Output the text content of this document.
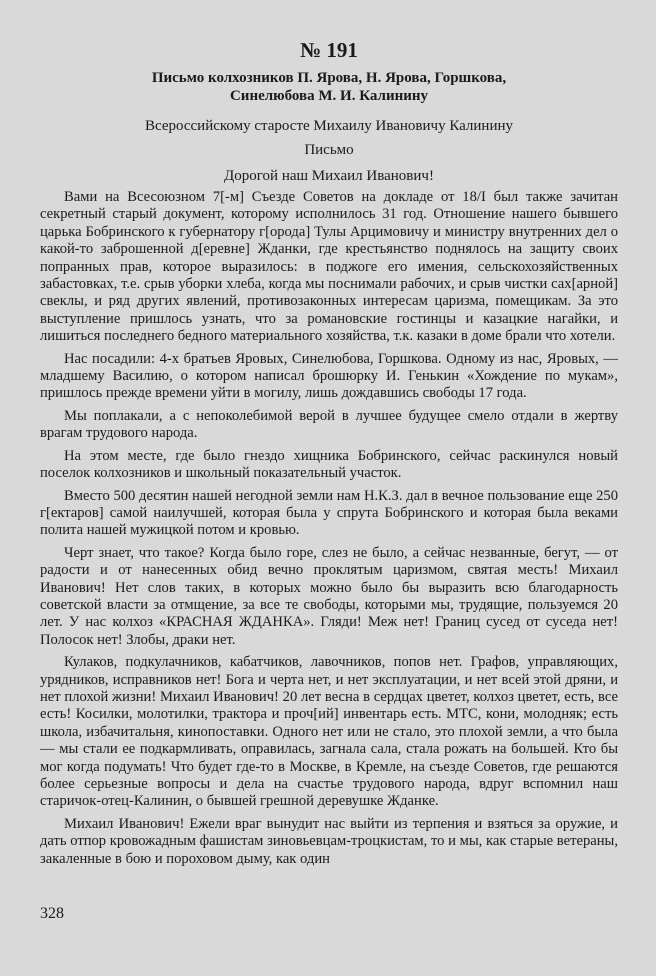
№ 191
Письмо колхозников П. Ярова, Н. Ярова, Горшкова,
Синелюбова М. И. Калинину
Всероссийскому старосте Михаилу Ивановичу Калинину
Письмо
Дорогой наш Михаил Иванович!

Вами на Всесоюзном 7[-м] Съезде Советов на докладе от 18/I был также зачитан секретный старый документ, которому исполнилось 31 год. Отношение нашего бывшего царька Бобринского к губернатору г[орода] Тулы Арцимовичу и министру внутренних дел о какой-то заброшенной д[еревне] Жданки, где крестьянство поднялось на защиту своих попранных прав, которое выразилось: в поджоге его имения, сельскохозяйственных забастовках, т.е. срыв уборки хлеба, когда мы поснимали рабочих, и срыв чистки сах[арной] свеклы, и ряд других явлений, противозаконных интересам царизма, помещикам. За это выступление пришлось узнать, что за романовские гостинцы и казацкие нагайки, и лишиться последнего бедного материального хозяйства, т.к. казаки в доме брали что хотели.

Нас посадили: 4-х братьев Яровых, Синелюбова, Горшкова. Одному из нас, Яровых, — младшему Василию, о котором написал брошюрку И. Генькин «Хождение по мукам», пришлось прежде времени уйти в могилу, лишь дождавшись свободы 17 года.

Мы поплакали, а с непоколебимой верой в лучшее будущее смело отдали в жертву врагам трудового народа.

На этом месте, где было гнездо хищника Бобринского, сейчас раскинулся новый поселок колхозников и школьный показательный участок.

Вместо 500 десятин нашей негодной земли нам Н.К.З. дал в вечное пользование еще 250 г[ектаров] самой наилучшей, которая была у спрута Бобринского и которая была веками полита нашей мужицкой потом и кровью.

Черт знает, что такое? Когда было горе, слез не было, а сейчас незванные, бегут, — от радости и от нанесенных обид вечно проклятым царизмом, святая месть! Михаил Иванович! Нет слов таких, в которых можно было бы выразить всю благодарность советской власти за отмщение, за все те свободы, которыми мы, трудящие, пользуемся 20 лет. У нас колхоз «КРАСНАЯ ЖДАНКА». Гляди! Меж нет! Границ сусед от суседа нет! Полосок нет! Злобы, драки нет.

Кулаков, подкулачников, кабатчиков, лавочников, попов нет. Графов, управляющих, урядников, исправников нет! Бога и черта нет, и нет эксплуатации, и нет всей этой дряни, и нет плохой жизни! Михаил Иванович! 20 лет весна в сердцах цветет, колхоз цветет, есть, все есть! Косилки, молотилки, трактора и проч[ий] инвентарь есть. МТС, кони, молодняк; есть школа, избачитальня, кинопоставки. Одного нет или не стало, это плохой земли, а что была — мы стали ее подкармливать, оправилась, загнала сала, стала рожать на большей. Кто бы мог когда подумать! Что будет где-то в Москве, в Кремле, на съезде Советов, где решаются более серьезные вопросы и дела на счастье трудового народа, вдруг вспомнил наш старичок-отец-Калинин, о бывшей грешной деревушке Жданке.

Михаил Иванович! Ежели враг вынудит нас выйти из терпения и взяться за оружие, и дать отпор кровожадным фашистам зиновьевцам-троцкистам, то и мы, как старые ветераны, закаленные в бою и пороховом дыму, как один

328
